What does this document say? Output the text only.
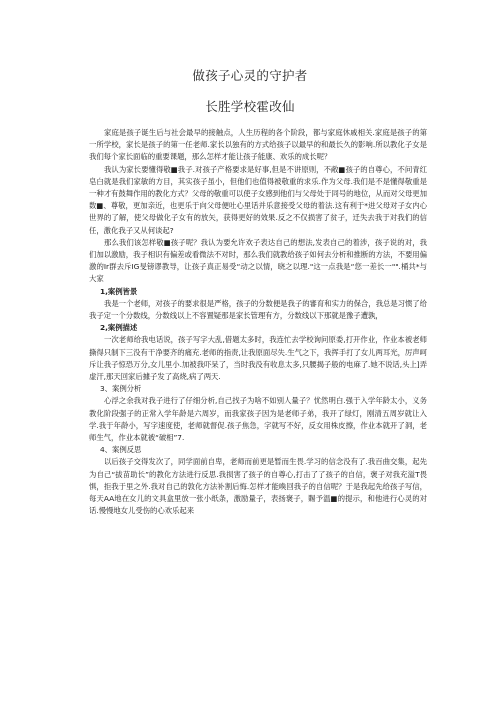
做孩子心灵的守护者
长胜学校霍改仙

家庭是孩子诞生后与社会最早的接触点，人生历程的各个阶段，都与家庭休戚相关.家庭是孩子的第一所学校，家长是孩子的第一任老师.家长以独有的方式给孩子以最早的和最长久的影响.所以教化子女是我们每个家长面临的重要课题，那么怎样才能让孩子能康、欢乐的成长呢？

我认为家长要懂得敬■我子.对孩子产格要求是好事,但是不讲原则，不敞■孩子的自尊心，不问青红皂白就是我们家敏的方目，其实孩子虽小，但他们也值得被敬重的求乐.作为父母.我们是不是懂得敬重是一种才有鼓舞作用的教化方式？父母的敬重可以使子女感到他们与父母处于同号的地位，从而对父母更加数■、尊敬，更加亲近，也更乐于向父母便吐心里话并乐意接受父母的着法.这有利于*进父母对子女内心世界的了解，使父母做化子女有的放矢，获得更好的效果.反之不仅损害了贫子，迁失去我于对我们的信任，激化我子又从何谈起?

那么我们该怎样敬■孩子呢？我认为要允许欢子表达自己的想法,发表自己的着涉，孩子说的对，我们加以激励，我子相识有偏差或看微法不对时，那么我们就教给孩子如何去分析和推断的方法，不要用偏激的Ir群去斥IG旻镑谬教导，让孩子真正易受“动之以情，晓之以理."这一点我是“您一差长一"".桶共*与大家

1,案例皆景

我是一个老师，对孩子的要求很是严格，孩子的分数便是我子的審育和实力的保合，我总是习惯了给我子定一个分数线，分数线以上不容置疑那是家长管理有方，分数线以下那就是豫子遭孰，

2,案例描述

一次老师给我电话说，孩子写字大乱,借题太多时，我连忙去学校询问原委,打开作业，作业本被老师撕得只制下三没有干净要齐的痛充.老师的指责,让我原面尽失.生气之下，我挥手打了女儿两耳光，厉声呵斥让我子惊恐万分,女儿里小.加被我吓呆了，当时我没有收息太多,只腰揭子般的电麻了.她不说话,头上]弄虚汗,那天回家后據子发了高烧,病了两天.

3、案例分析

心浮之余我对我子进行了仔细分析,自己找子为啥不如别人量子？忧然明白.强于入学年龄太小，义务教化阶段强子的正常入学年龄是六周岁，而我家孩子因为是老师子弟，我开了绿灯，刚清五周岁就让入学.我于年龄小，写字速度使，老师就督促.孩子焦急，字就写不好，反女用株皮擦，作业本就开了洞，老师生气，作业本就被“破相”7.

4、案例反思

以后孩子交得发次了，同学面前自卑，老师而前更是暂而生畏.学习的信念没有了.我百曲交集，起先为自己“拔苗助长”的教化方法进行反思.我损害了孩子的自尊心,打击了了孩子的自信，褒子对我充溢T畏惧，拒我于里之外.我对自己的敦化方法补割后悔.怎样才能喚回我子的自信呢？于是我起先给孩子写信，每天AA地在女儿的文具盒里放一张小纸条，激励量子，表扬褒子，賜予温■的提示，和他进行心灵的对话.慢慢地女儿受伤的心欢乐起来
